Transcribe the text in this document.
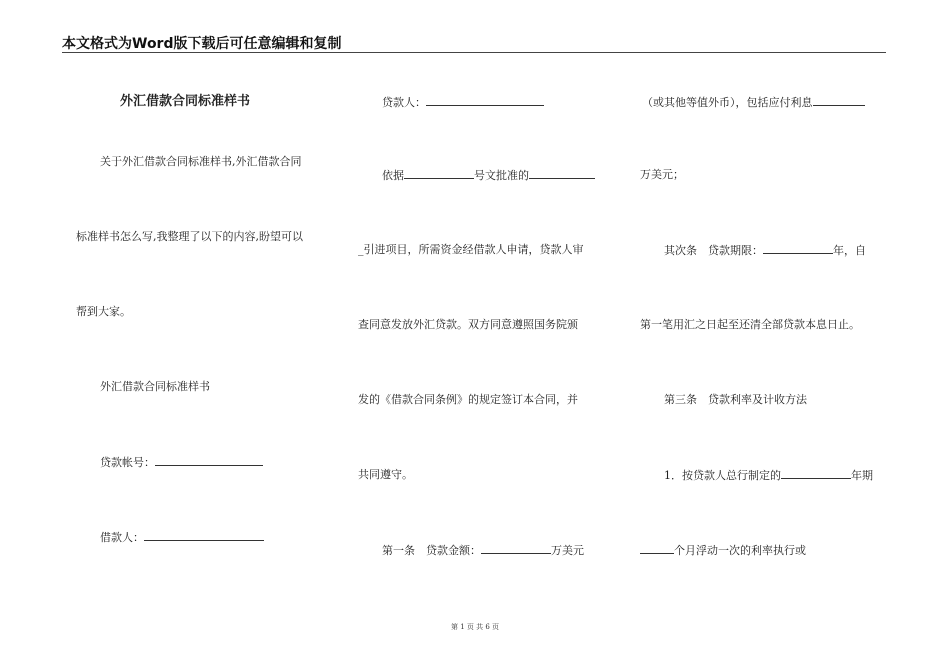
本文格式为Word版下载后可任意编辑和复制
外汇借款合同标准样书
关于外汇借款合同标准样书,外汇借款合同
标准样书怎么写,我整理了以下的内容,盼望可以
帮到大家。
外汇借款合同标准样书
贷款帐号：
借款人：
贷款人：
依据	号文批准的
_引进项目，所需资金经借款人申请，贷款人审
查同意发放外汇贷款。双方同意遵照国务院颁
发的《借款合同条例》的规定签订本合同，并
共同遵守。
第一条　贷款金额：	万美元
（或其他等值外币），包括应付利息
万美元；
其次条　贷款期限：	年，自
第一笔用汇之日起至还清全部贷款本息日止。
第三条　贷款利率及计收方法
1．按贷款人总行制定的	年期
个月浮动一次的利率执行或
第 1 页 共 6 页
